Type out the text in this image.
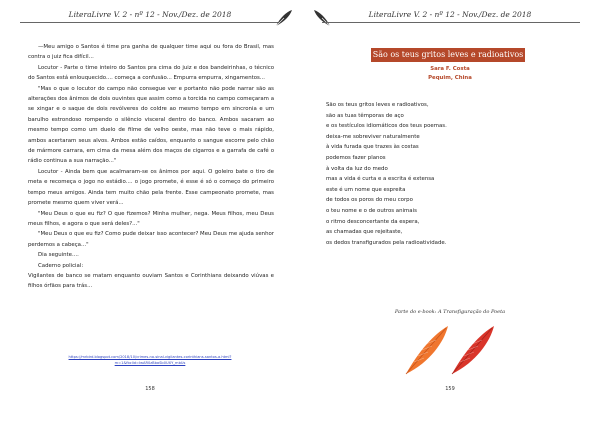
LiteraLivre V. 2 - nº 12 - Nov./Dez. de 2018

—Meu amigo o Santos é time pra ganha de qualquer time aqui ou fora do Brasil, mas contra o juiz fica difícil...

Locutor - Parte o time inteiro do Santos pra cima do juiz e dos bandeirinhas, o técnico do Santos está enlouquecido.... começa a confusão... Empurra empurra, xingamentos...

"Mas o que o locutor do campo não consegue ver e portanto não pode narrar são as alterações dos ânimos de dois ouvintes que assim como a torcida no campo começaram a se xingar e o saque de dois revólveres do coldre ao mesmo tempo em sincronia e um barulho estrondoso rompendo o silêncio visceral dentro do banco. Ambos sacaram ao mesmo tempo como um duelo de filme de velho oeste, mas não teve o mais rápido, ambos acertaram seus alvos. Ambos estão caídos, enquanto o sangue escorre pelo chão de mármore carrara, em cima da mesa além dos maços de cigarros e a garrafa de café o rádio continua a sua narração..."

Locutor - Ainda bem que acalmaram-se os ânimos por aqui. O goleiro bate o tiro de meta e recomeça o jogo no estádio.... o jogo promete, é esse é só o começo do primeiro tempo meus amigos. Ainda tem muito chão pela frente. Esse campeonato promete, mas promete mesmo quem viver verá...

"Meu Deus o que eu fiz? O que fizemos? Minha mulher, nega. Meus filhos, meu Deus meus filhos, e agora o que será deles?..."

"Meu Deus o que eu fiz? Como pude deixar isso acontecer? Meu Deus me ajuda senhor perdemos a cabeça..."

Dia seguinte....

Caderno policial:

Vigilantes de banco se matam enquanto ouviam Santos e Corinthians deixando viúvas e filhos órfãos para trás...

https://mrbird.blogspot.com/2018/10/crimes-no-sinal-vigilantes-corinthians-santos-a.html?m=1&fbclid=IwAR0zBbaSb0UXY_mbUs
158
LiteraLivre V. 2 - nº 12 - Nov./Dez. de 2018
São os teus gritos leves e radioativos
Sara F. Costa
Pequim, China
São os teus gritos leves e radioativos,
são as tuas têmporas de aço
e os testículos idiomáticos dos teus poemas.
deixa-me sobreviver naturalmente
à vida furada que trazes às costas
podemos fazer planos
à volta da luz do medo
mas a vida é curta e a escrita é extensa
este é um nome que espreita
de todos os poros do meu corpo
o teu nome e o de outros animais
o ritmo desconcertante da espera,
as chamadas que rejeitaste,
os dedos transfigurados pela radioatividade.
Parte do e-book: A Transfiguração do Poeta
159
